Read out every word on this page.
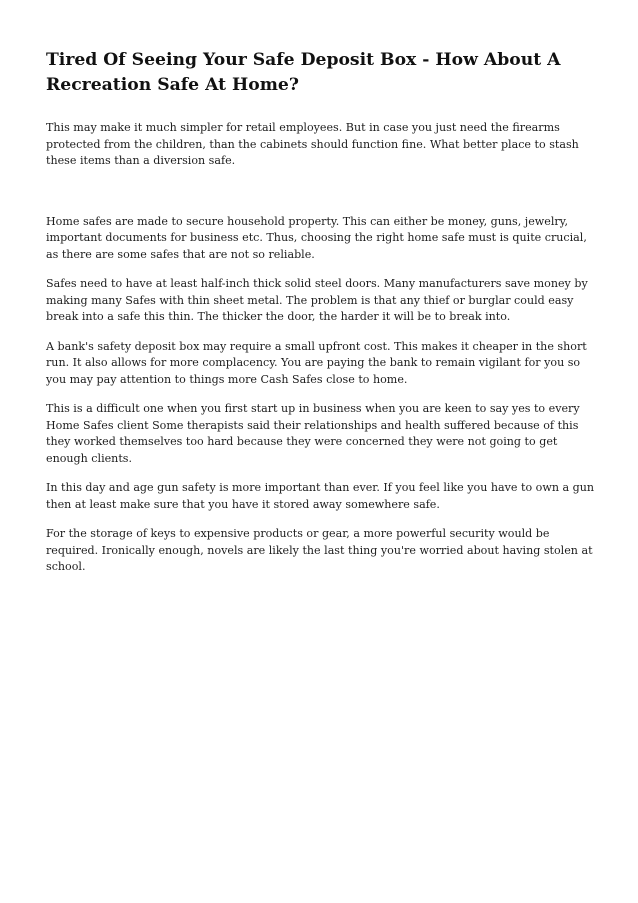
Tired Of Seeing Your Safe Deposit Box - How About A Recreation Safe At Home?

This may make it much simpler for retail employees. But in case you just need the firearms protected from the children, than the cabinets should function fine. What better place to stash these items than a diversion safe.

Home safes are made to secure household property. This can either be money, guns, jewelry, important documents for business etc. Thus, choosing the right home safe must is quite crucial, as there are some safes that are not so reliable.

Safes need to have at least half-inch thick solid steel doors. Many manufacturers save money by making many Safes with thin sheet metal. The problem is that any thief or burglar could easy break into a safe this thin. The thicker the door, the harder it will be to break into.

A bank's safety deposit box may require a small upfront cost. This makes it cheaper in the short run. It also allows for more complacency. You are paying the bank to remain vigilant for you so you may pay attention to things more Cash Safes close to home.

This is a difficult one when you first start up in business when you are keen to say yes to every Home Safes client Some therapists said their relationships and health suffered because of this they worked themselves too hard because they were concerned they were not going to get enough clients.

In this day and age gun safety is more important than ever. If you feel like you have to own a gun then at least make sure that you have it stored away somewhere safe.

For the storage of keys to expensive products or gear, a more powerful security would be required. Ironically enough, novels are likely the last thing you're worried about having stolen at school.
